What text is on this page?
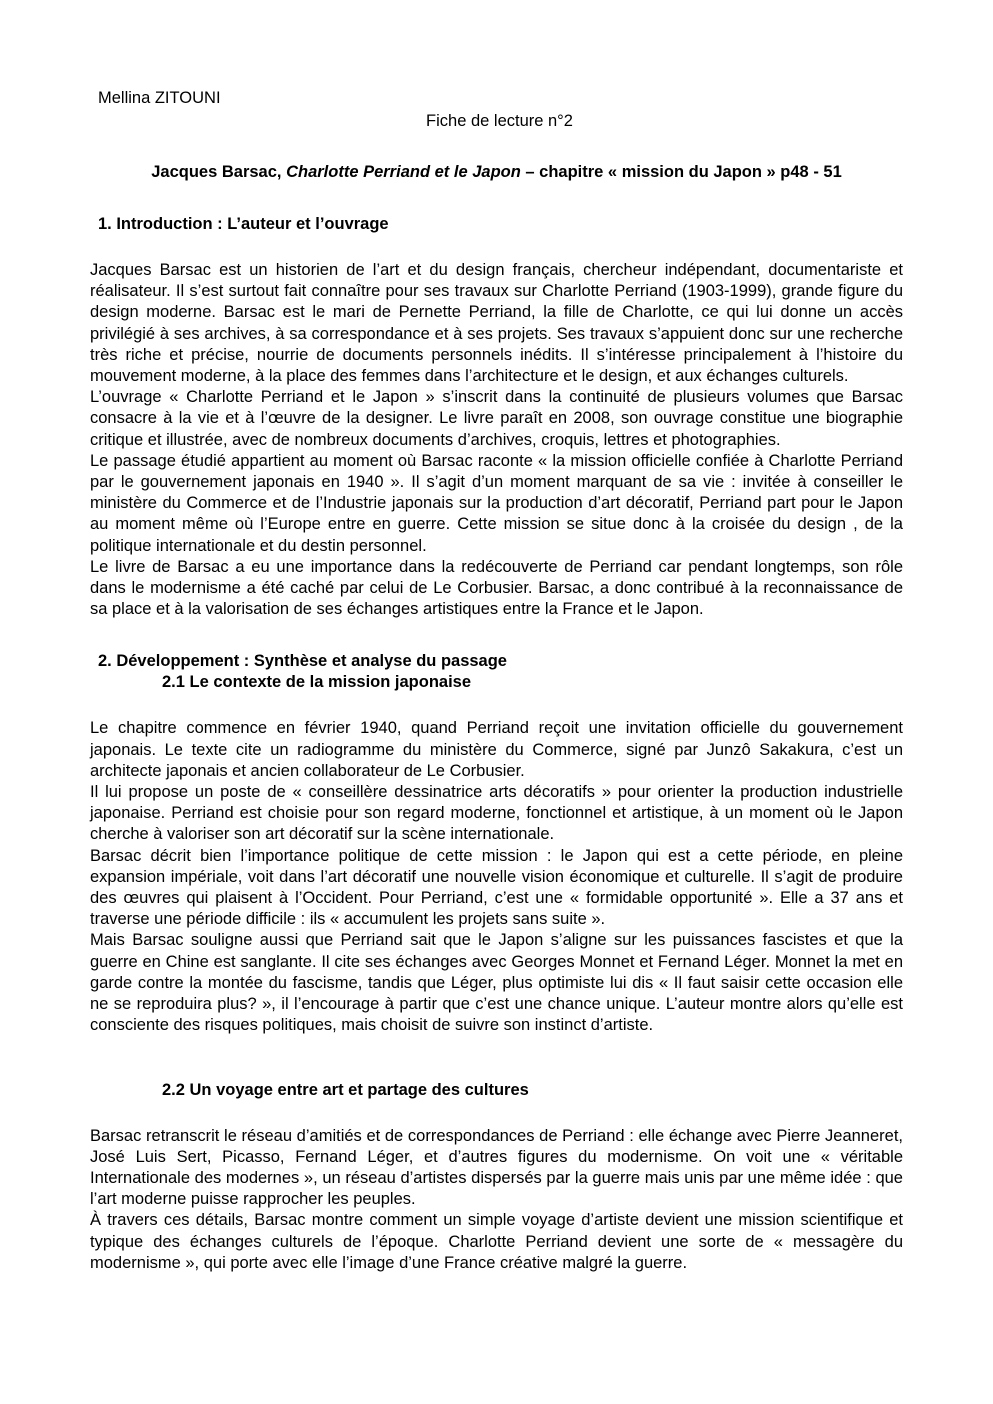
Mellina ZITOUNI
Fiche de lecture n°2
Jacques Barsac, Charlotte Perriand et le Japon – chapitre « mission du Japon » p48 - 51
1. Introduction : L’auteur et l’ouvrage

Jacques Barsac est un historien de l’art et du design français, chercheur indépendant, documentariste et réalisateur. Il s’est surtout fait connaître pour ses travaux sur Charlotte Perriand (1903-1999), grande figure du design moderne. Barsac est le mari de Pernette Perriand, la fille de Charlotte, ce qui lui donne un accès privilégié à ses archives, à sa correspondance et à ses projets. Ses travaux s’appuient donc sur une recherche très riche et précise, nourrie de documents personnels inédits. Il s’intéresse principalement à l’histoire du mouvement moderne, à la place des femmes dans l’architecture et le design, et aux échanges culturels.

L’ouvrage « Charlotte Perriand et le Japon » s’inscrit dans la continuité de plusieurs volumes que Barsac consacre à la vie et à l’œuvre de la designer. Le livre paraît en 2008, son ouvrage constitue une biographie critique et illustrée, avec de nombreux documents d’archives, croquis, lettres et photographies.

Le passage étudié appartient au moment où Barsac raconte « la mission officielle confiée à Charlotte Perriand par le gouvernement japonais en 1940 ». Il s’agit d’un moment marquant de sa vie : invitée à conseiller le ministère du Commerce et de l’Industrie japonais sur la production d’art décoratif, Perriand part pour le Japon au moment même où l’Europe entre en guerre. Cette mission se situe donc à la croisée du design , de la politique internationale et du destin personnel.

Le livre de Barsac a eu une importance dans la redécouverte de Perriand car pendant longtemps, son rôle dans le modernisme a été caché par celui de Le Corbusier. Barsac, a donc contribué à la reconnaissance de sa place et à la valorisation de ses échanges artistiques entre la France et le Japon.

2. Développement : Synthèse et analyse du passage
2.1 Le contexte de la mission japonaise

Le chapitre commence en février 1940, quand Perriand reçoit une invitation officielle du gouvernement japonais. Le texte cite un radiogramme du ministère du Commerce, signé par Junzô Sakakura, c’est un architecte japonais et ancien collaborateur de Le Corbusier.

Il lui propose un poste de « conseillère dessinatrice arts décoratifs » pour orienter la production industrielle japonaise. Perriand est choisie pour son regard moderne, fonctionnel et artistique, à un moment où le Japon cherche à valoriser son art décoratif sur la scène internationale.

Barsac décrit bien l’importance politique de cette mission : le Japon qui est a cette période, en pleine expansion impériale, voit dans l’art décoratif une nouvelle vision économique et culturelle. Il s’agit de produire des œuvres qui plaisent à l’Occident. Pour Perriand, c’est une « formidable opportunité ». Elle a 37 ans et traverse une période difficile : ils « accumulent les projets sans suite ».

Mais Barsac souligne aussi que Perriand sait que le Japon s’aligne sur les puissances fascistes et que la guerre en Chine est sanglante. Il cite ses échanges avec Georges Monnet et Fernand Léger. Monnet la met en garde contre la montée du fascisme, tandis que Léger, plus optimiste lui dis « Il faut saisir cette occasion elle ne se reproduira plus? », il l’encourage à partir que c’est une chance unique. L’auteur montre alors qu’elle est consciente des risques politiques, mais choisit de suivre son instinct d’artiste.

2.2 Un voyage entre art et partage des cultures

Barsac retranscrit le réseau d’amitiés et de correspondances de Perriand : elle échange avec Pierre Jeanneret, José Luis Sert, Picasso, Fernand Léger, et d’autres figures du modernisme. On voit une « véritable Internationale des modernes », un réseau d’artistes dispersés par la guerre mais unis par une même idée : que l’art moderne puisse rapprocher les peuples.

À travers ces détails, Barsac montre comment un simple voyage d’artiste devient une mission scientifique et typique des échanges culturels de l’époque. Charlotte Perriand devient une sorte de « messagère du modernisme », qui porte avec elle l’image d’une France créative malgré la guerre.
